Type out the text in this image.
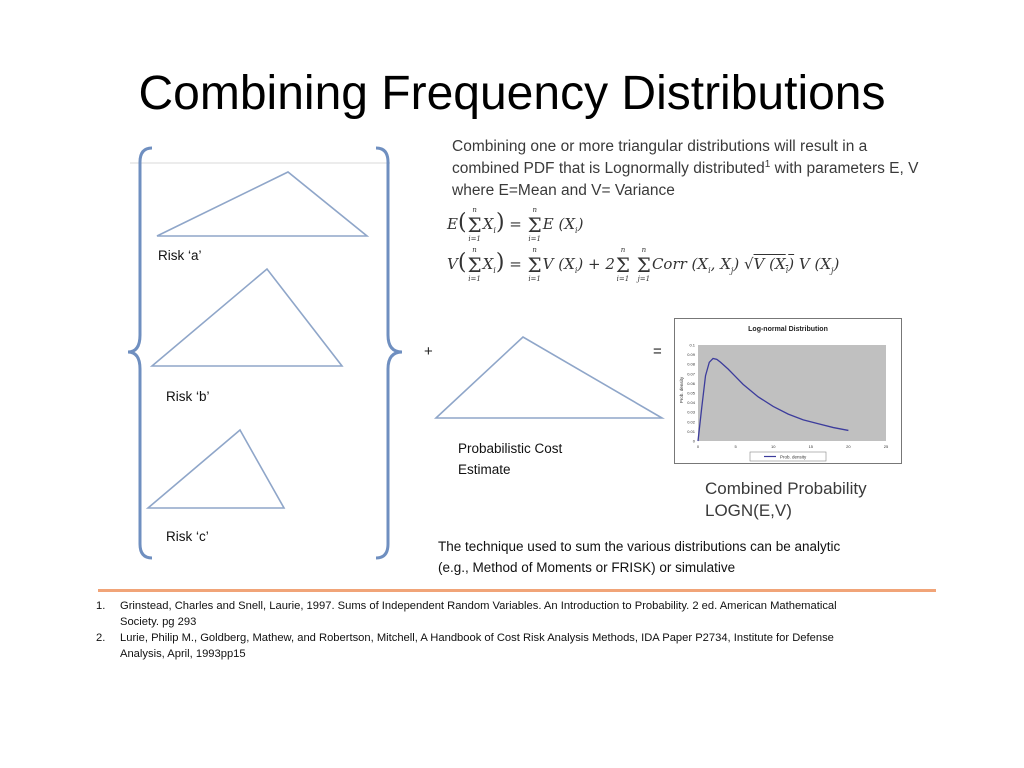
Combining Frequency Distributions
Combining one or more triangular distributions will result in a combined PDF that is Lognormally distributed$^1$ with parameters E, V where E=Mean and V= Variance
E( n
Σ
i=1
$X_i$) =
n
Σ
i=1
E $(X_i)$
V( n
Σ
i=1
$X_i$) =
n
Σ
i=1
V $(X_i) + 2$
n
Σ
i=1

n
Σ
j=1
Corr ($X_i$, $X_j$) √V $(X_i)$ V $(X_j)$
Risk ‘a’
Risk ‘b’
Risk ‘c’
+	=
Probabilistic Cost
Estimate
Log-normal Distribution
Prob. density
0.1
0.09
0.08
0.07
0.06
0.05
0.04
0.03
0.02
0.01
0
0	5	10	15	20	25
Prob. density
Combined Probability
LOGN(E,V)
The technique used to sum the various distributions can be analytic
(e.g., Method of Moments or FRISK) or simulative
1.	Grinstead, Charles and Snell, Laurie, 1997. Sums of Independent Random Variables. An Introduction to Probability. 2 ed. American Mathematical
Society. pg 293
2.	Lurie, Philip M., Goldberg, Mathew, and Robertson, Mitchell, A Handbook of Cost Risk Analysis Methods, IDA Paper P2734, Institute for Defense
Analysis, April, 1993pp15
